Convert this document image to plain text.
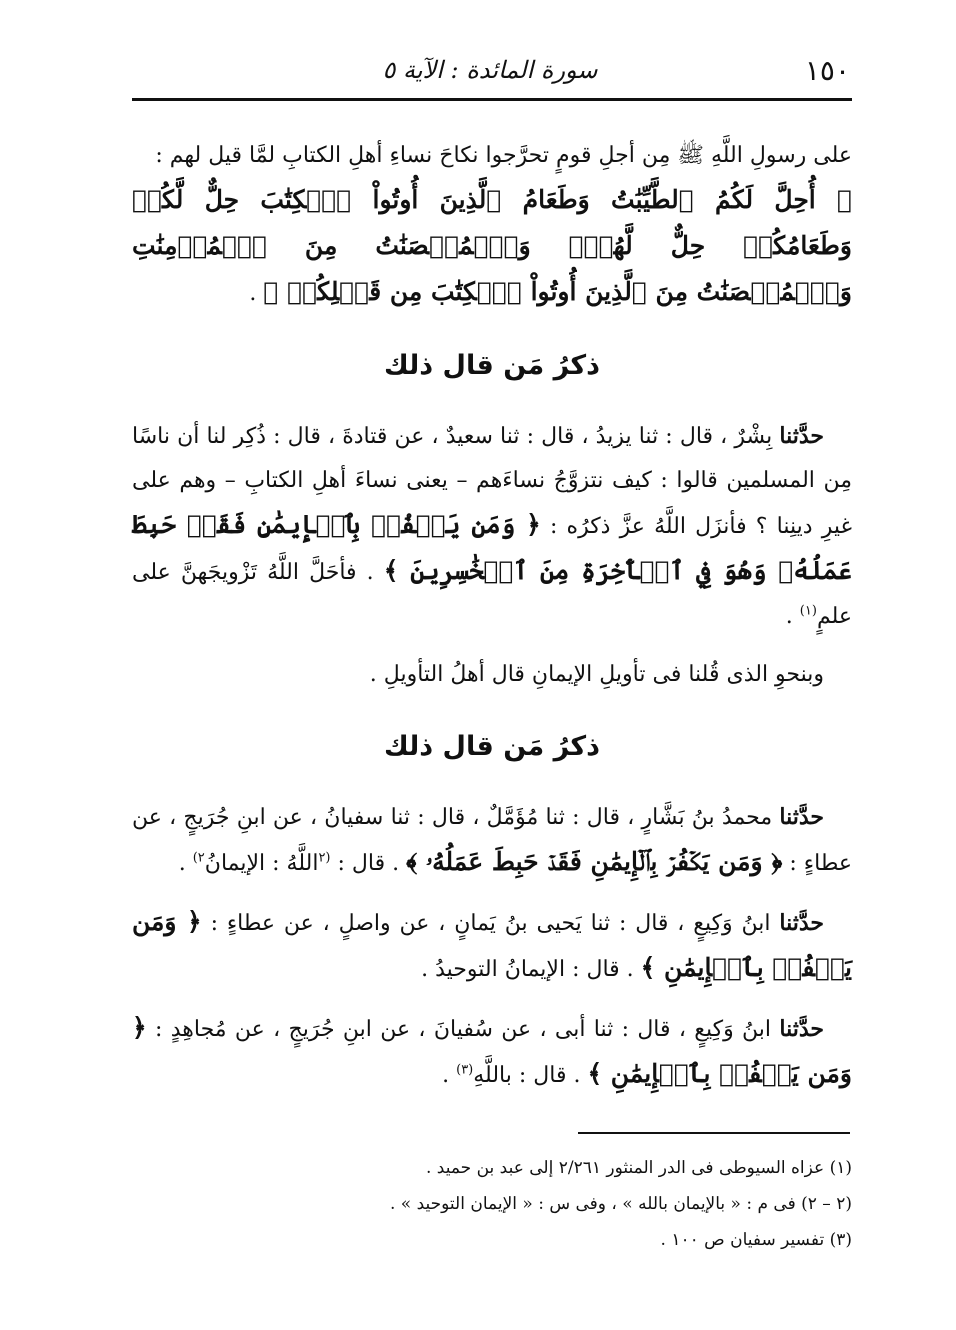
١٥٠
سورة المائدة : الآية ٥

على رسولِ اللَّهِ ﷺ مِن أجلِ قومٍ تحرَّجوا نكاحَ نساءِ أهلِ الكتابِ لمَّا قيل لهم :
﴿ أُحِلَّ لَكُمُ ٱلطَّيِّبَٰتُ وَطَعَامُ ٱلَّذِينَ أُوتُواْ ٱلۡكِتَٰبَ حِلٌّ لَّكُمۡ وَطَعَامُكُمۡ حِلٌّ لَّهُمۡۖ وَٱلۡمُحۡصَنَٰتُ مِنَ ٱلۡمُؤۡمِنَٰتِ وَٱلۡمُحۡصَنَٰتُ مِنَ ٱلَّذِينَ أُوتُواْ ٱلۡكِتَٰبَ مِن قَبۡلِكُمۡ ﴾ .

ذكرُ مَن قال ذلك

حدَّثنا بِشْرٌ ، قال : ثنا يزيدُ ، قال : ثنا سعيدٌ ، عن قتادةَ ، قال : ذُكِر لنا أن ناسًا مِن المسلمين قالوا : كيف نتزوَّجُ نساءَهم – يعنى نساءَ أهلِ الكتابِ – وهم على غيرِ دينِنا ؟ فأنزَل اللَّهُ عزَّ ذكرُه : ﴿ وَمَن يَكۡفُرۡ بِٱلۡإِيمَٰنِ فَقَدۡ حَبِطَ عَمَلُهُۥ وَهُوَ فِي ٱلۡأٓخِرَةِ مِنَ ٱلۡخَٰسِرِينَ ﴾ . فأحَلَّ اللَّهُ تَزْويجَهنَّ على علمٍ$^{(١)}$ .

وبنحوِ الذى قُلنا فى تأويلِ الإيمانِ قال أهلُ التأويلِ .

ذكرُ مَن قال ذلك

حدَّثنا محمدُ بنُ بَشَّارٍ ، قال : ثنا مُؤَمَّلٌ ، قال : ثنا سفيانُ ، عن ابنِ جُرَيجٍ ، عن عطاءٍ : ﴿ وَمَن يَكۡفُرۡ بِٱلۡإِيمَٰنِ فَقَدۡ حَبِطَ عَمَلُهُۥ ﴾ . قال : $^{(٢}$اللَّهُ : الإيمانُ$^{٢)}$ .

حدَّثنا ابنُ وَكِيعٍ ، قال : ثنا يَحيى بنُ يَمانٍ ، عن واصلٍ ، عن عطاءٍ : ﴿ وَمَن يَكۡفُرۡ بِٱلۡإِيمَٰنِ ﴾ . قال : الإيمانُ التوحيدُ .

حدَّثنا ابنُ وَكِيعٍ ، قال : ثنا أبى ، عن سُفيانَ ، عن ابنِ جُرَيجٍ ، عن مُجاهِدٍ : ﴿ وَمَن يَكۡفُرۡ بِٱلۡإِيمَٰنِ ﴾ . قال : باللَّهِ$^{(٣)}$ .

(١) عزاه السيوطى فى الدر المنثور ٢/٢٦١ إلى عبد بن حميد .

(٢ – ٢) فى م : « بالإيمان بالله » ، وفى س : « الإيمان التوحيد » .

(٣) تفسير سفيان ص ١٠٠ .
